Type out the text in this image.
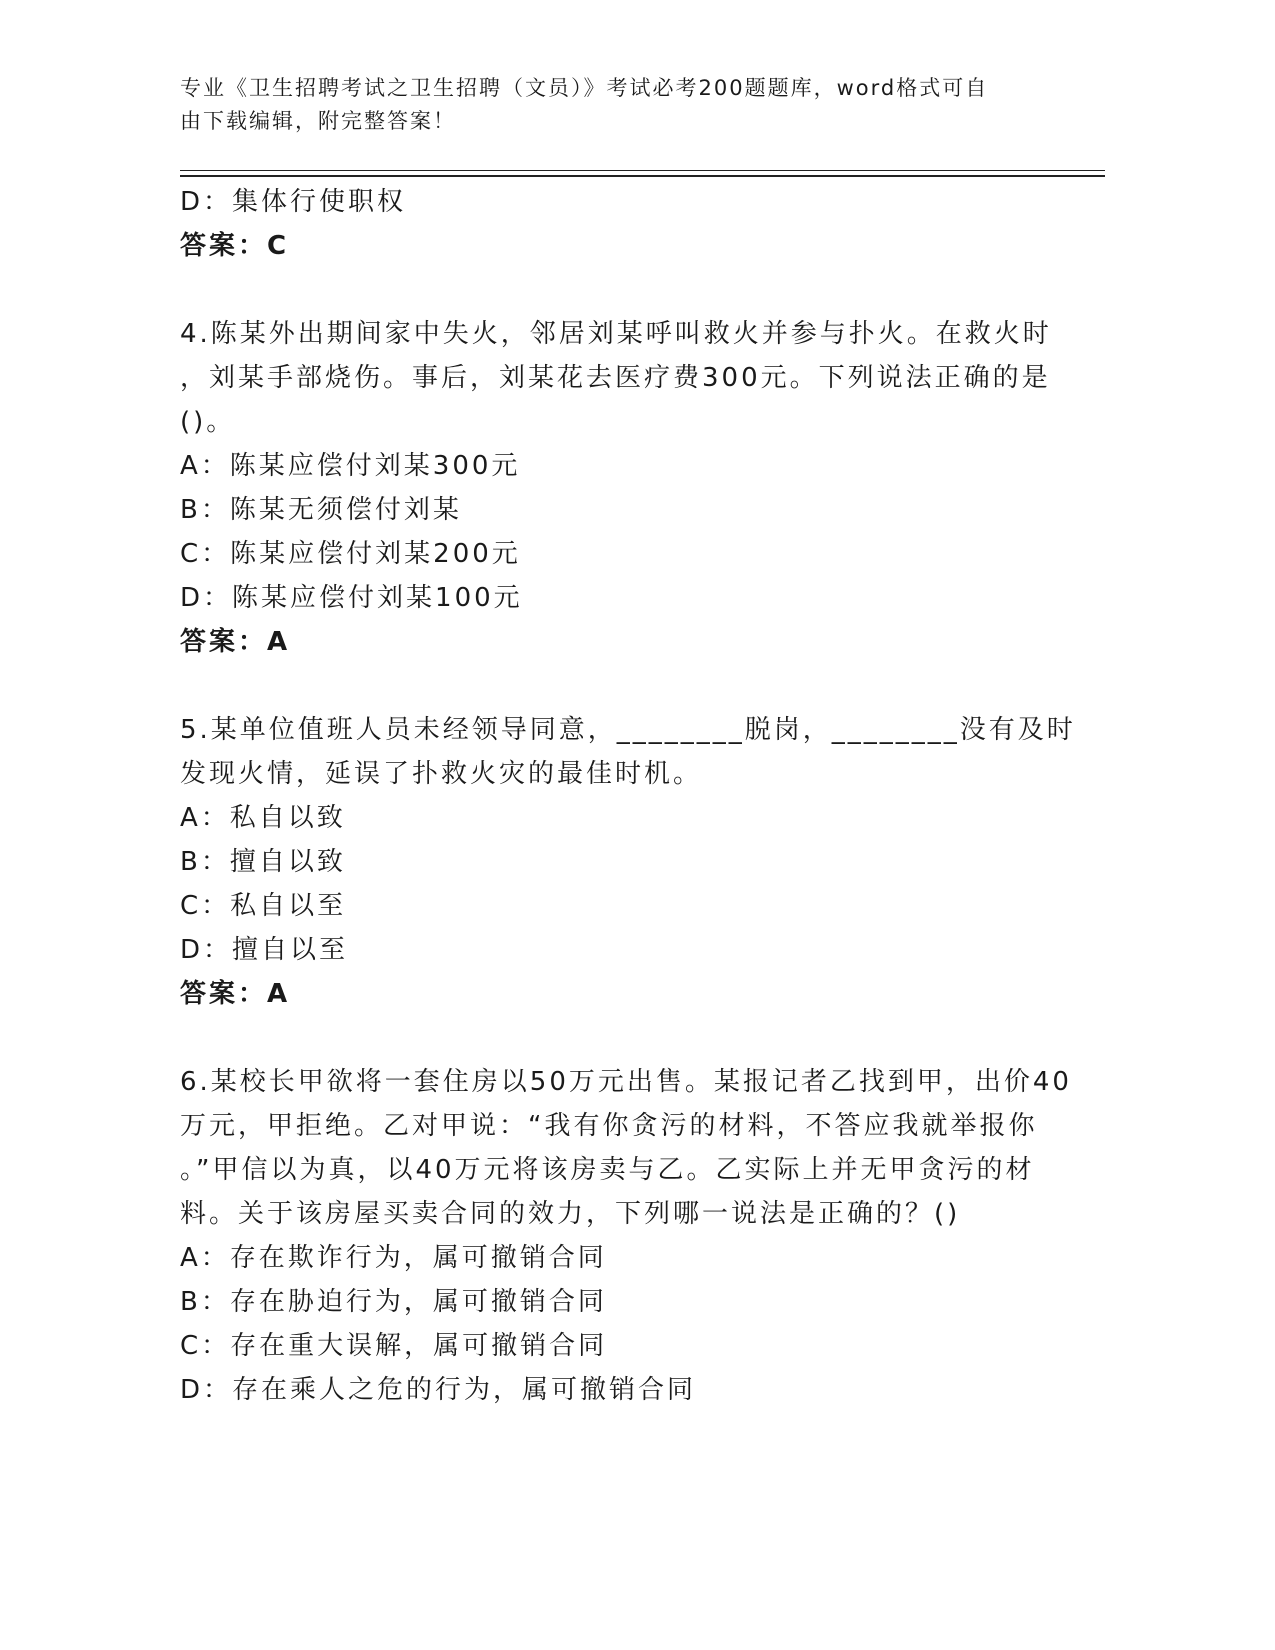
专业《卫生招聘考试之卫生招聘（文员）》考试必考200题题库，word格式可自
由下载编辑，附完整答案！
D：集体行使职权
答案：C
4.陈某外出期间家中失火，邻居刘某呼叫救火并参与扑火。在救火时
，刘某手部烧伤。事后，刘某花去医疗费300元。下列说法正确的是
()。
A：陈某应偿付刘某300元
B：陈某无须偿付刘某
C：陈某应偿付刘某200元
D：陈某应偿付刘某100元
答案：A
5.某单位值班人员未经领导同意，________脱岗，________没有及时
发现火情，延误了扑救火灾的最佳时机。
A：私自以致
B：擅自以致
C：私自以至
D：擅自以至
答案：A
6.某校长甲欲将一套住房以50万元出售。某报记者乙找到甲，出价40
万元，甲拒绝。乙对甲说：“我有你贪污的材料，不答应我就举报你
。”甲信以为真，以40万元将该房卖与乙。乙实际上并无甲贪污的材
料。关于该房屋买卖合同的效力，下列哪一说法是正确的？()
A：存在欺诈行为，属可撤销合同
B：存在胁迫行为，属可撤销合同
C：存在重大误解，属可撤销合同
D：存在乘人之危的行为，属可撤销合同
